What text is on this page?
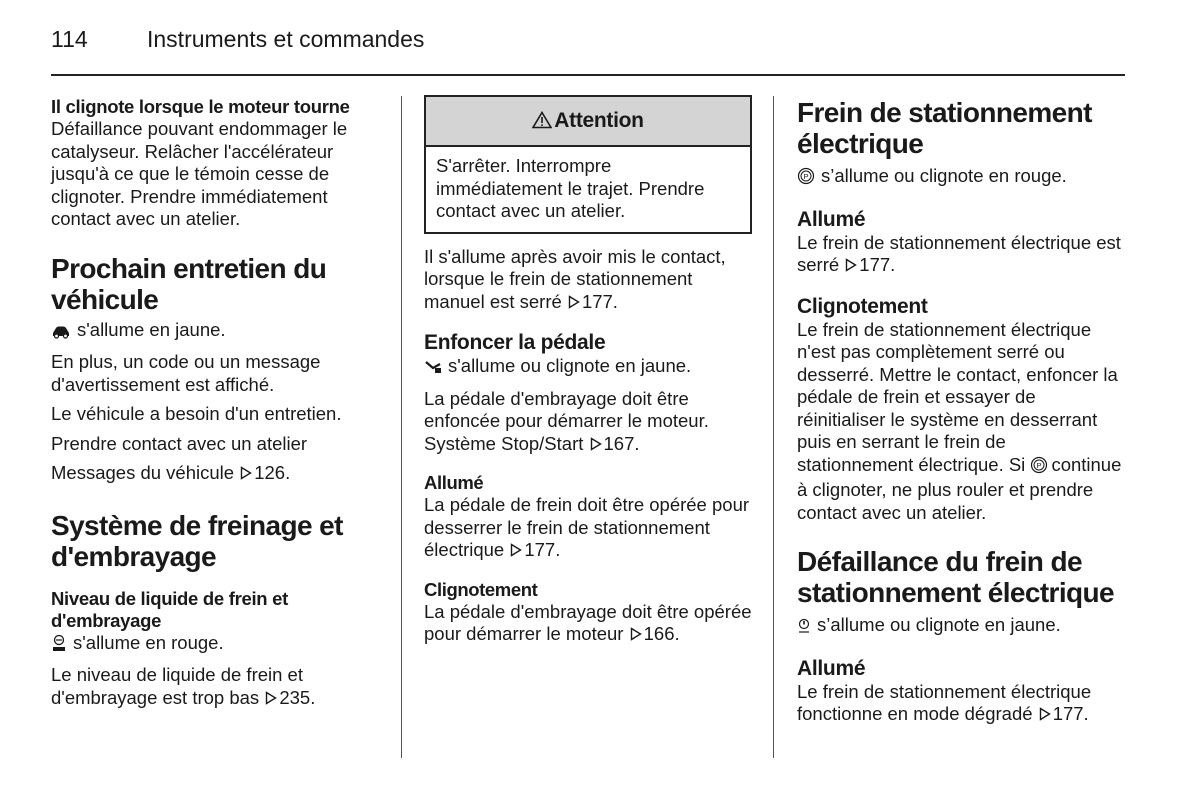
114	Instruments et commandes
Il clignote lorsque le moteur tourne

Défaillance pouvant endommager le catalyseur. Relâcher l'accélérateur jusqu'à ce que le témoin cesse de clignoter. Prendre immédiatement contact avec un atelier.

Prochain entretien du véhicule

s'allume en jaune.

En plus, un code ou un message d'avertissement est affiché.

Le véhicule a besoin d'un entretien.

Prendre contact avec un atelier

Messages du véhicule 126.

Système de freinage et d'embrayage
Niveau de liquide de frein et d'embrayage

s'allume en rouge.

Le niveau de liquide de frein et d'embrayage est trop bas 235.

Attention
S'arrêter. Interrompre immédiatement le trajet. Prendre contact avec un atelier.

Il s'allume après avoir mis le contact, lorsque le frein de stationnement manuel est serré 177.

Enfoncer la pédale

s'allume ou clignote en jaune.

La pédale d'embrayage doit être enfoncée pour démarrer le moteur. Système Stop/Start 167.

Allumé

La pédale de frein doit être opérée pour desserrer le frein de stationnement électrique 177.

Clignotement

La pédale d'embrayage doit être opérée pour démarrer le moteur 166.

Frein de stationnement électrique

P s’allume ou clignote en rouge.

Allumé

Le frein de stationnement électrique est serré 177.

Clignotement

Le frein de stationnement électrique n'est pas complètement serré ou desserré. Mettre le contact, enfoncer la pédale de frein et essayer de réinitialiser le système en desserrant puis en serrant le frein de stationnement électrique. Si P continue à clignoter, ne plus rouler et prendre contact avec un atelier.

Défaillance du frein de stationnement électrique

s’allume ou clignote en jaune.

Allumé

Le frein de stationnement électrique fonctionne en mode dégradé 177.
